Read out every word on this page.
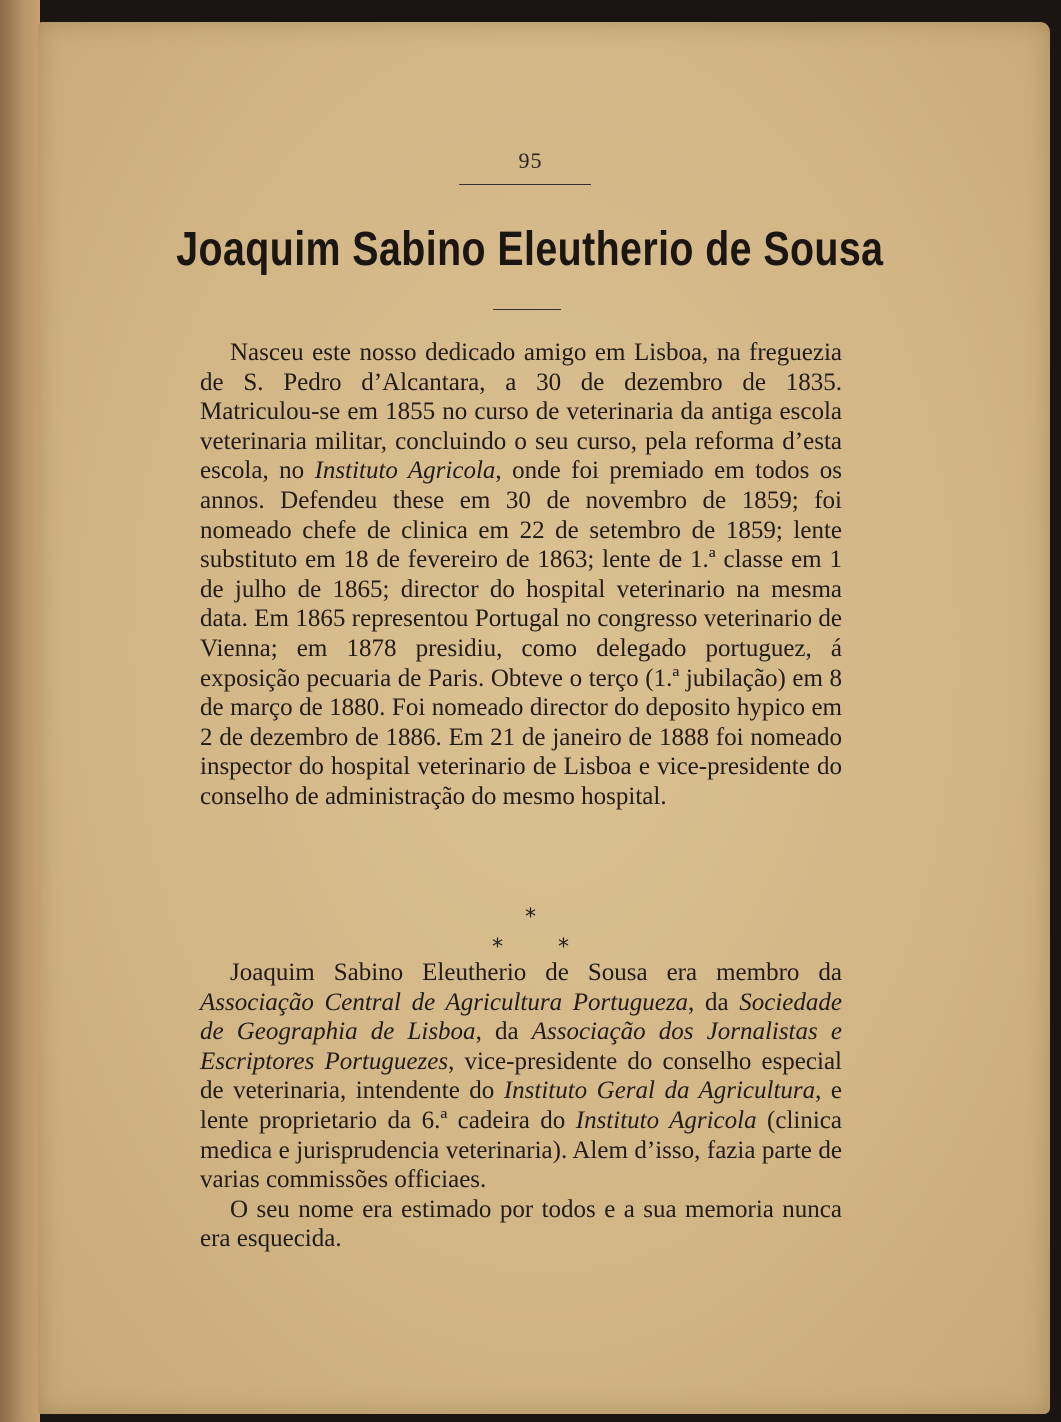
95
Joaquim Sabino Eleutherio de Sousa

Nasceu este nosso dedicado amigo em Lisboa, na freguezia de S. Pedro d’Alcantara, a 30 de dezembro de 1835. Matriculou-se em 1855 no curso de veterinaria da antiga escola veterinaria militar, concluindo o seu curso, pela reforma d’esta escola, no Instituto Agricola, onde foi premiado em todos os annos. Defendeu these em 30 de novembro de 1859; foi nomeado chefe de clinica em 22 de setembro de 1859; lente substituto em 18 de fevereiro de 1863; lente de 1.ª classe em 1 de julho de 1865; director do hospital veterinario na mesma data. Em 1865 representou Portugal no congresso veterinario de Vienna; em 1878 presidiu, como delegado portuguez, á exposição pecuaria de Paris. Obteve o terço (1.ª jubilação) em 8 de março de 1880. Foi nomeado director do deposito hypico em 2 de dezembro de 1886. Em 21 de janeiro de 1888 foi nomeado inspector do hospital veterinario de Lisboa e vice-presidente do conselho de administração do mesmo hospital.

*
* *

Joaquim Sabino Eleutherio de Sousa era membro da Associação Central de Agricultura Portugueza, da Sociedade de Geographia de Lisboa, da Associação dos Jornalistas e Escriptores Portuguezes, vice-presidente do conselho especial de veterinaria, intendente do Instituto Geral da Agricultura, e lente proprietario da 6.ª cadeira do Instituto Agricola (clinica medica e jurisprudencia veterinaria). Alem d’isso, fazia parte de varias commissões officiaes.

O seu nome era estimado por todos e a sua memoria nunca era esquecida.
